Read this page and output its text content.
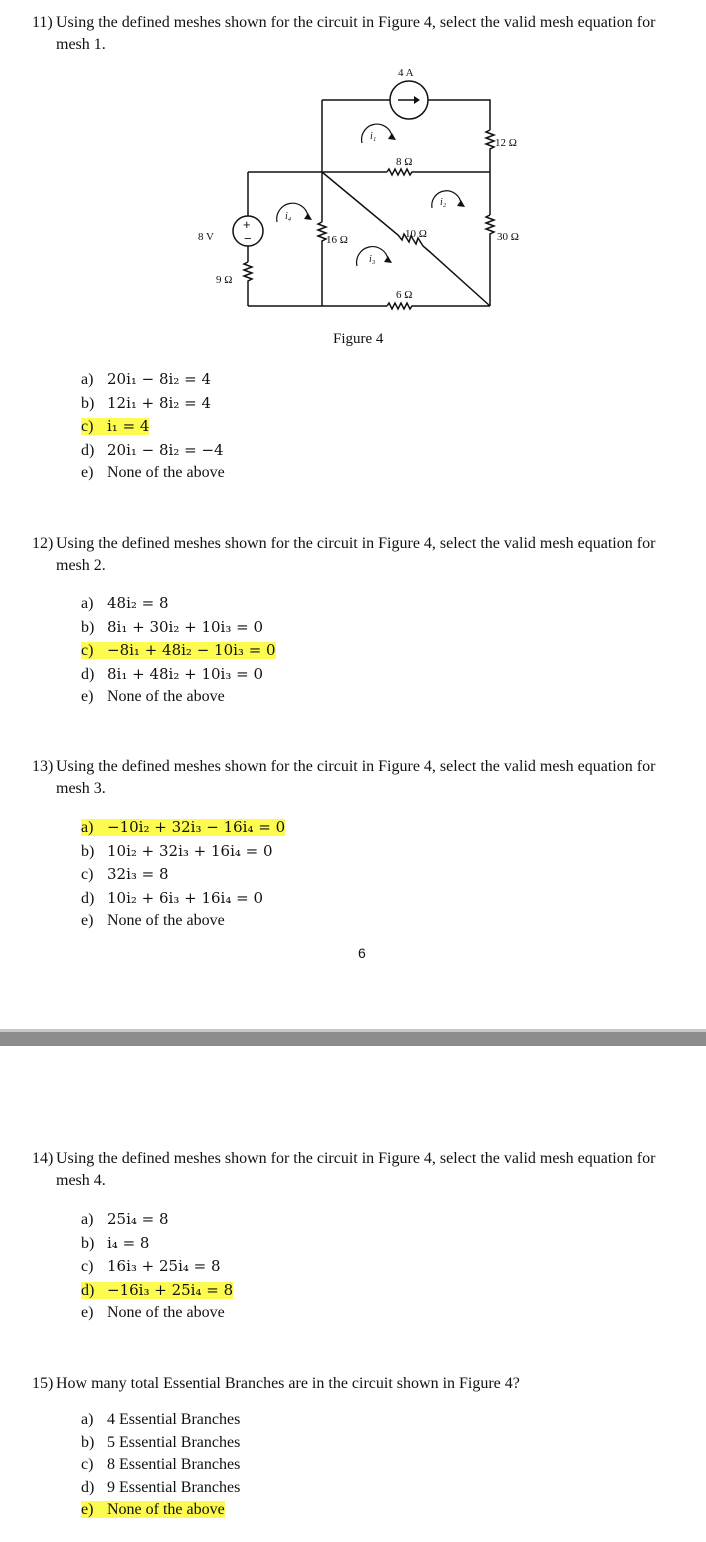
11) Using the defined meshes shown for the circuit in Figure 4, select the valid mesh equation for
mesh 1.
4 A
12 Ω
8 Ω
30 Ω
10 Ω
16 Ω
6 Ω
9 Ω
8 V
+
−
i₁
i₂
i₃
i₄
Figure 4
a) 20i₁ − 8i₂ = 4
b) 12i₁ + 8i₂ = 4
c) i₁ = 4
d) 20i₁ − 8i₂ = −4
e) None of the above
12) Using the defined meshes shown for the circuit in Figure 4, select the valid mesh equation for
mesh 2.
a) 48i₂ = 8
b) 8i₁ + 30i₂ + 10i₃ = 0
c) −8i₁ + 48i₂ − 10i₃ = 0
d) 8i₁ + 48i₂ + 10i₃ = 0
e) None of the above
13) Using the defined meshes shown for the circuit in Figure 4, select the valid mesh equation for
mesh 3.
a) −10i₂ + 32i₃ − 16i₄ = 0
b) 10i₂ + 32i₃ + 16i₄ = 0
c) 32i₃ = 8
d) 10i₂ + 6i₃ + 16i₄ = 0
e) None of the above
6
14) Using the defined meshes shown for the circuit in Figure 4, select the valid mesh equation for
mesh 4.
a) 25i₄ = 8
b) i₄ = 8
c) 16i₃ + 25i₄ = 8
d) −16i₃ + 25i₄ = 8
e) None of the above
15) How many total Essential Branches are in the circuit shown in Figure 4?
a) 4 Essential Branches
b) 5 Essential Branches
c) 8 Essential Branches
d) 9 Essential Branches
e) None of the above
